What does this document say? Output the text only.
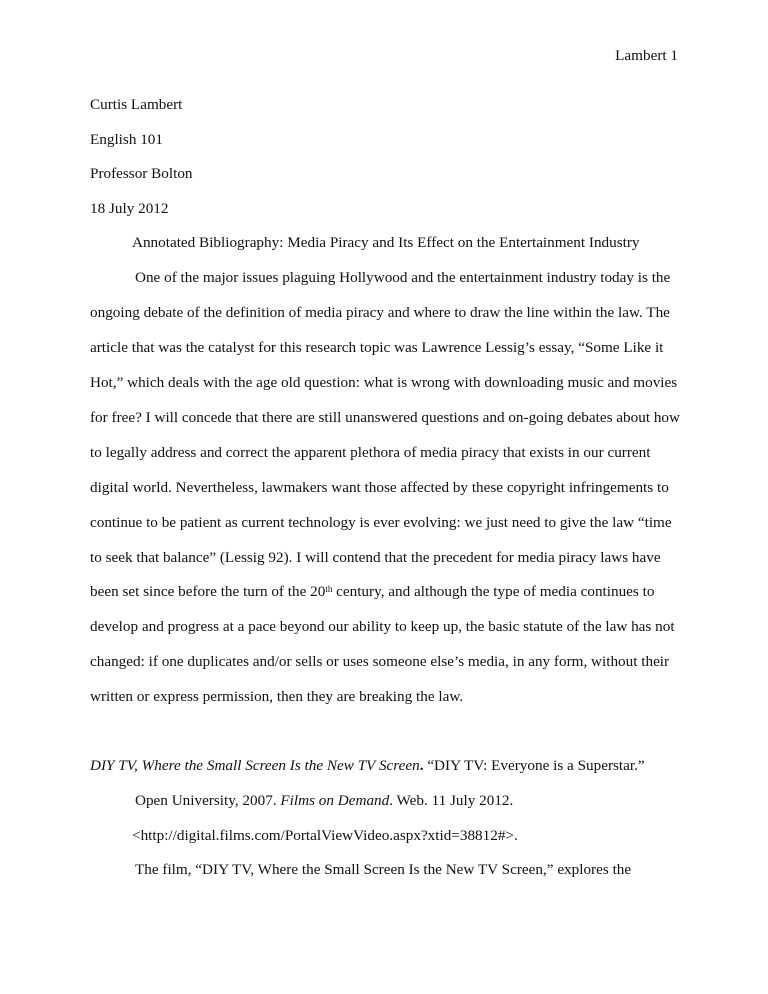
Lambert 1
Curtis Lambert
English 101
Professor Bolton
18 July 2012
Annotated Bibliography: Media Piracy and Its Effect on the Entertainment Industry
One of the major issues plaguing Hollywood and the entertainment industry today is the
ongoing debate of the definition of media piracy and where to draw the line within the law. The
article that was the catalyst for this research topic was Lawrence Lessig’s essay, “Some Like it
Hot,” which deals with the age old question: what is wrong with downloading music and movies
for free? I will concede that there are still unanswered questions and on-going debates about how
to legally address and correct the apparent plethora of media piracy that exists in our current
digital world. Nevertheless, lawmakers want those affected by these copyright infringements to
continue to be patient as current technology is ever evolving: we just need to give the law “time
to seek that balance” (Lessig 92). I will contend that the precedent for media piracy laws have
been set since before the turn of the 20th century, and although the type of media continues to
develop and progress at a pace beyond our ability to keep up, the basic statute of the law has not
changed: if one duplicates and/or sells or uses someone else’s media, in any form, without their
written or express permission, then they are breaking the law.
DIY TV, Where the Small Screen Is the New TV Screen. “DIY TV: Everyone is a Superstar.”
Open University, 2007. Films on Demand. Web. 11 July 2012.
<http://digital.films.com/PortalViewVideo.aspx?xtid=38812#>.
The film, “DIY TV, Where the Small Screen Is the New TV Screen,” explores the
